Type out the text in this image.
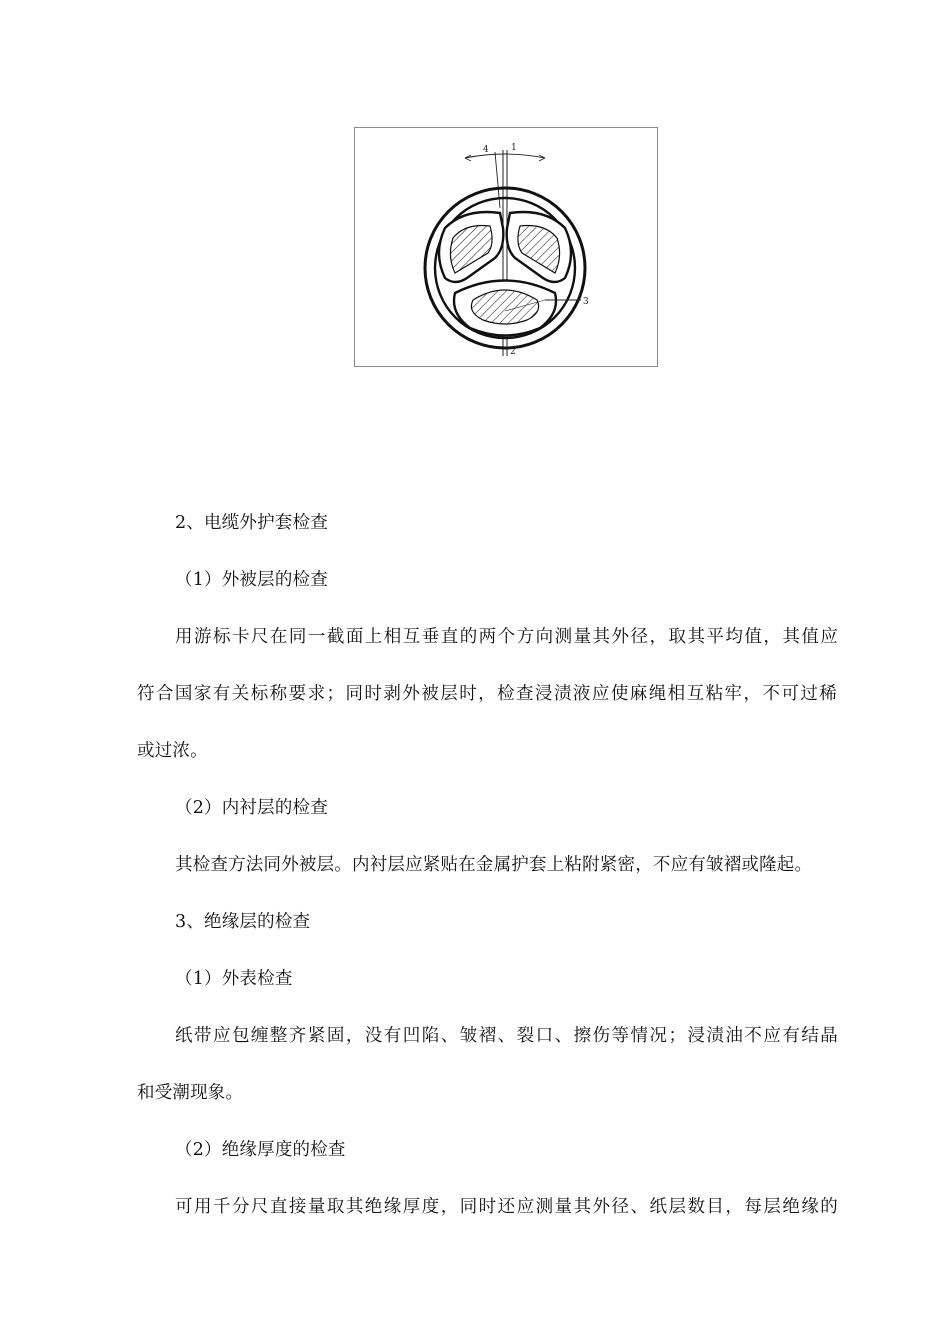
4 1
3
2
2、电缆外护套检查
（1）外被层的检查
用游标卡尺在同一截面上相互垂直的两个方向测量其外径，取其平均值，其值应
符合国家有关标称要求；同时剥外被层时，检查浸渍液应使麻绳相互粘牢，不可过稀
或过浓。
（2）内衬层的检查
其检查方法同外被层。内衬层应紧贴在金属护套上粘附紧密，不应有皱褶或隆起。
3、绝缘层的检查
（1）外表检查
纸带应包缠整齐紧固，没有凹陷、皱褶、裂口、擦伤等情况；浸渍油不应有结晶
和受潮现象。
（2）绝缘厚度的检查
可用千分尺直接量取其绝缘厚度，同时还应测量其外径、纸层数目，每层绝缘的
